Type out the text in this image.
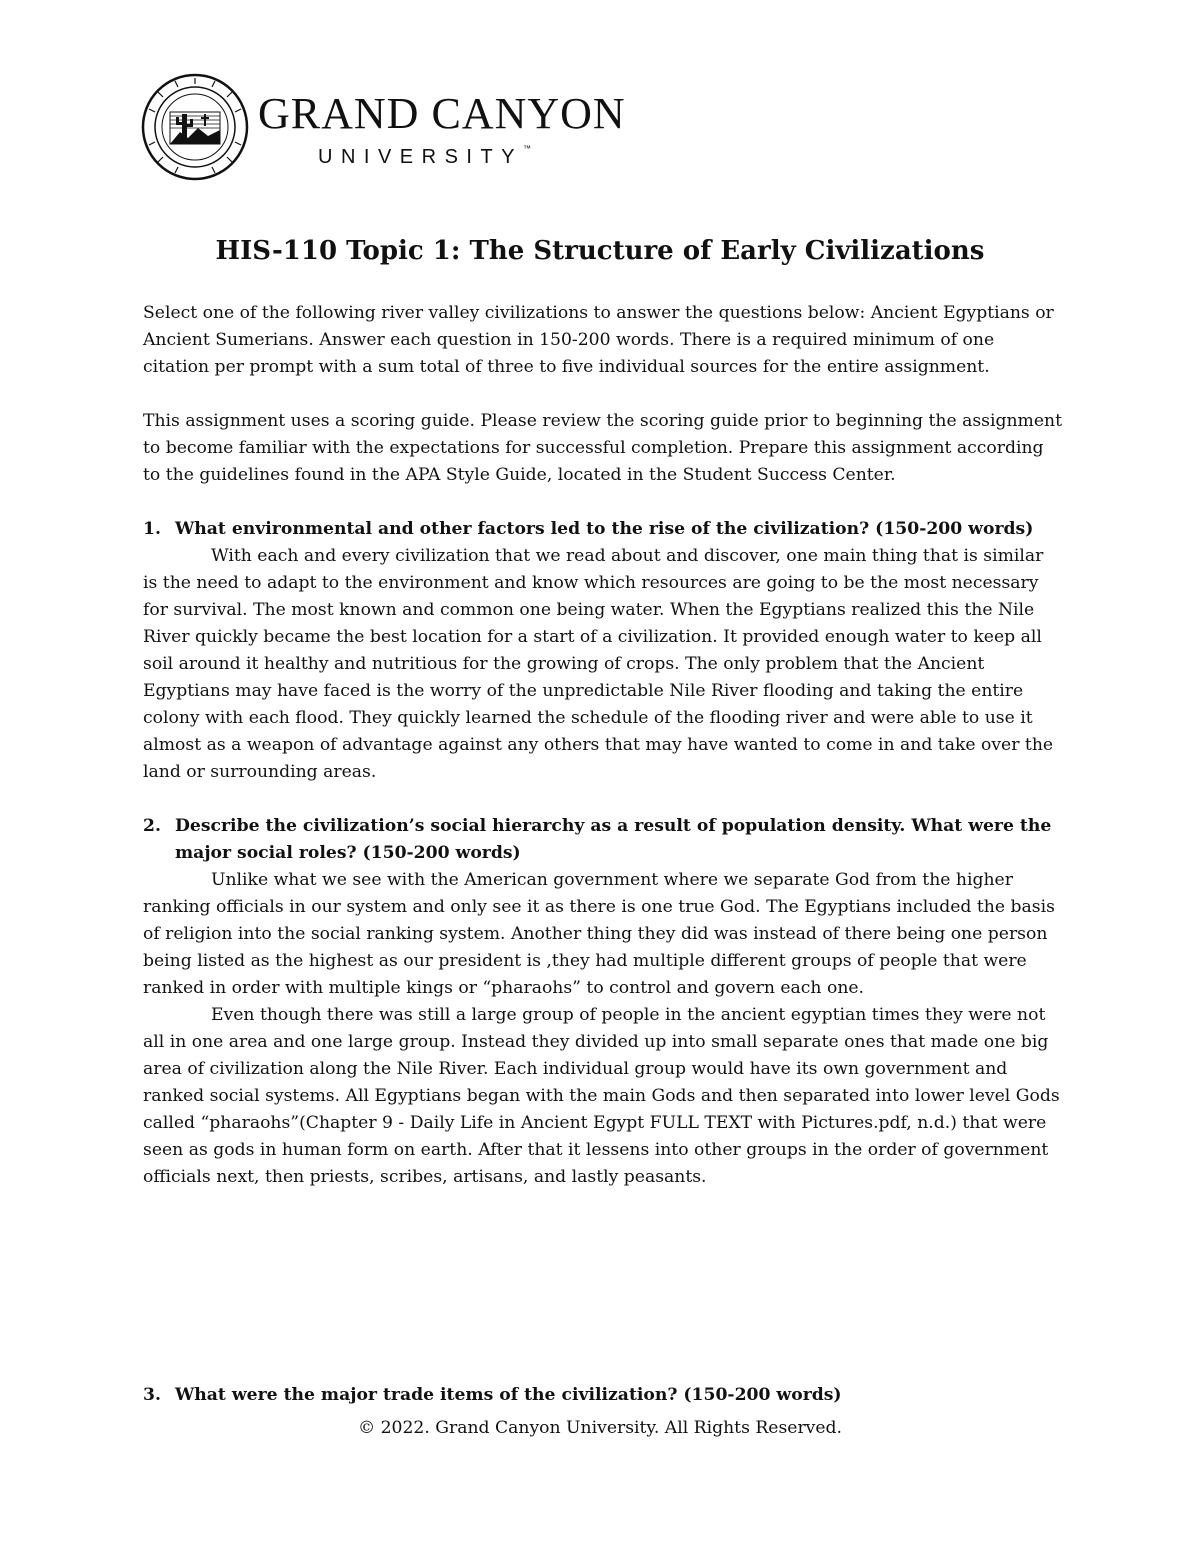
GRAND CANYON
UNIVERSITY™
HIS-110 Topic 1: The Structure of Early Civilizations

Select one of the following river valley civilizations to answer the questions below: Ancient Egyptians or Ancient Sumerians. Answer each question in 150-200 words. There is a required minimum of one citation per prompt with a sum total of three to five individual sources for the entire assignment.

This assignment uses a scoring guide. Please review the scoring guide prior to beginning the assignment to become familiar with the expectations for successful completion. Prepare this assignment according to the guidelines found in the APA Style Guide, located in the Student Success Center.

1. What environmental and other factors led to the rise of the civilization? (150-200 words)

With each and every civilization that we read about and discover, one main thing that is similar is the need to adapt to the environment and know which resources are going to be the most necessary for survival. The most known and common one being water. When the Egyptians realized this the Nile River quickly became the best location for a start of a civilization. It provided enough water to keep all soil around it healthy and nutritious for the growing of crops. The only problem that the Ancient Egyptians may have faced is the worry of the unpredictable Nile River flooding and taking the entire colony with each flood. They quickly learned the schedule of the flooding river and were able to use it almost as a weapon of advantage against any others that may have wanted to come in and take over the land or surrounding areas.

2. Describe the civilization’s social hierarchy as a result of population density. What were the major social roles? (150-200 words)

Unlike what we see with the American government where we separate God from the higher ranking officials in our system and only see it as there is one true God. The Egyptians included the basis of religion into the social ranking system. Another thing they did was instead of there being one person being listed as the highest as our president is ,they had multiple different groups of people that were ranked in order with multiple kings or “pharaohs” to control and govern each one.

Even though there was still a large group of people in the ancient egyptian times they were not all in one area and one large group. Instead they divided up into small separate ones that made one big area of civilization along the Nile River. Each individual group would have its own government and ranked social systems. All Egyptians began with the main Gods and then separated into lower level Gods called “pharaohs”(Chapter 9 - Daily Life in Ancient Egypt FULL TEXT with Pictures.pdf, n.d.) that were seen as gods in human form on earth. After that it lessens into other groups in the order of government officials next, then priests, scribes, artisans, and lastly peasants.

3. What were the major trade items of the civilization? (150-200 words)
© 2022. Grand Canyon University. All Rights Reserved.
